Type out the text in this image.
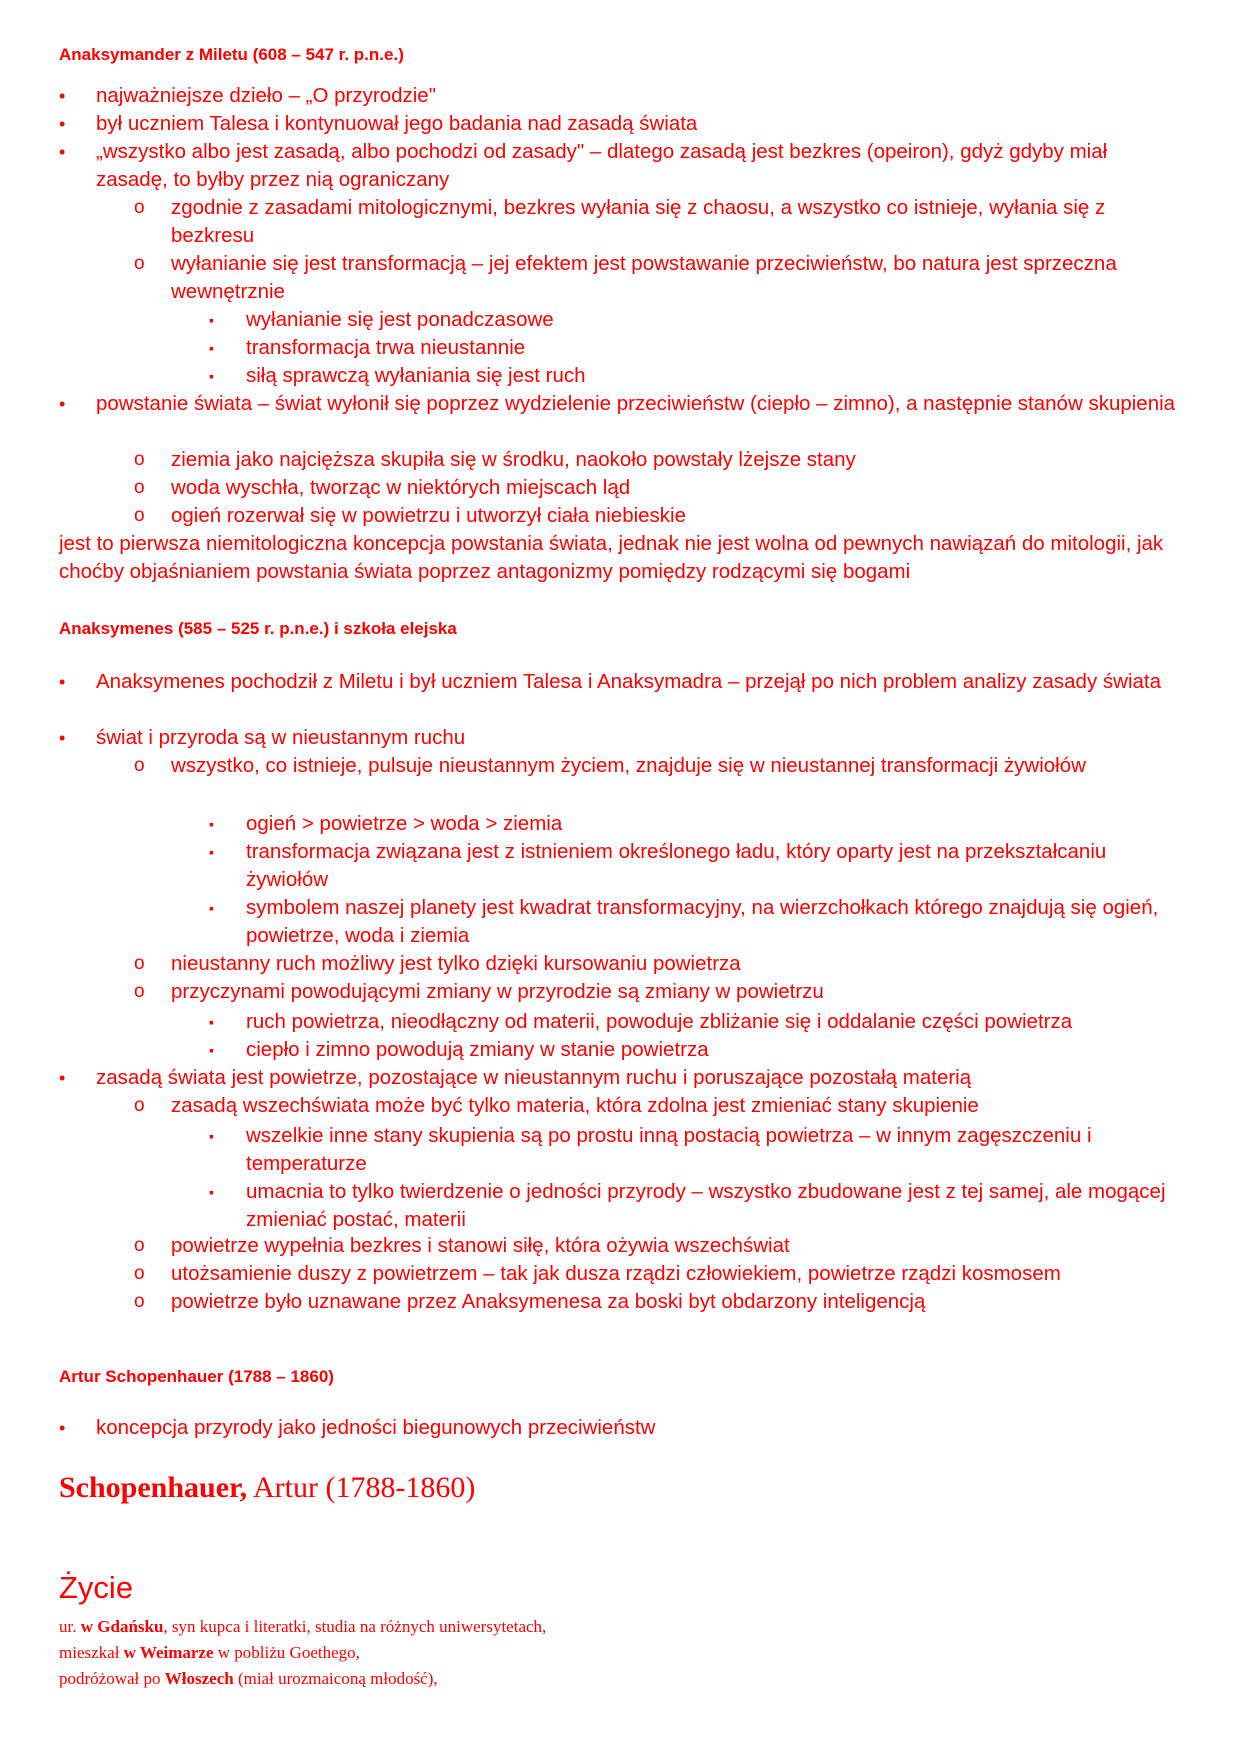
Anaksymander z Miletu (608 – 547 r. p.n.e.)
• najważniejsze dzieło – „O przyrodzie"
• był uczniem Talesa i kontynuował jego badania nad zasadą świata
• „wszystko albo jest zasadą, albo pochodzi od zasady" – dlatego zasadą jest bezkres (opeiron), gdyż gdyby miał zasadę, to byłby przez nią ograniczany
o zgodnie z zasadami mitologicznymi, bezkres wyłania się z chaosu, a wszystko co istnieje, wyłania się z bezkresu
o wyłanianie się jest transformacją – jej efektem jest powstawanie przeciwieństw, bo natura jest sprzeczna wewnętrznie
▪ wyłanianie się jest ponadczasowe
▪ transformacja trwa nieustannie
▪ siłą sprawczą wyłaniania się jest ruch
• powstanie świata – świat wyłonił się poprzez wydzielenie przeciwieństw (ciepło – zimno), a następnie stanów skupienia
o ziemia jako najcięższa skupiła się w środku, naokoło powstały lżejsze stany
o woda wyschła, tworząc w niektórych miejscach ląd
o ogień rozerwał się w powietrzu i utworzył ciała niebieskie
jest to pierwsza niemitologiczna koncepcja powstania świata, jednak nie jest wolna od pewnych nawiązań do mitologii, jak choćby objaśnianiem powstania świata poprzez antagonizmy pomiędzy rodzącymi się bogami
Anaksymenes (585 – 525 r. p.n.e.) i szkoła elejska
• Anaksymenes pochodził z Miletu i był uczniem Talesa i Anaksymadra – przejął po nich problem analizy zasady świata
• świat i przyroda są w nieustannym ruchu
o wszystko, co istnieje, pulsuje nieustannym życiem, znajduje się w nieustannej transformacji żywiołów
▪ ogień > powietrze > woda > ziemia
▪ transformacja związana jest z istnieniem określonego ładu, który oparty jest na przekształcaniu żywiołów
▪ symbolem naszej planety jest kwadrat transformacyjny, na wierzchołkach którego znajdują się ogień, powietrze, woda i ziemia
o nieustanny ruch możliwy jest tylko dzięki kursowaniu powietrza
o przyczynami powodującymi zmiany w przyrodzie są zmiany w powietrzu
▪ ruch powietrza, nieodłączny od materii, powoduje zbliżanie się i oddalanie części powietrza
▪ ciepło i zimno powodują zmiany w stanie powietrza
• zasadą świata jest powietrze, pozostające w nieustannym ruchu i poruszające pozostałą materią
o zasadą wszechświata może być tylko materia, która zdolna jest zmieniać stany skupienie
▪ wszelkie inne stany skupienia są po prostu inną postacią powietrza – w innym zagęszczeniu i temperaturze
▪ umacnia to tylko twierdzenie o jedności przyrody – wszystko zbudowane jest z tej samej, ale mogącej zmieniać postać, materii
o powietrze wypełnia bezkres i stanowi siłę, która ożywia wszechświat
o utożsamienie duszy z powietrzem – tak jak dusza rządzi człowiekiem, powietrze rządzi kosmosem
o powietrze było uznawane przez Anaksymenesa za boski byt obdarzony inteligencją
Artur Schopenhauer (1788 – 1860)
• koncepcja przyrody jako jedności biegunowych przeciwieństw
Schopenhauer, Artur (1788-1860)
Życie
ur. w Gdańsku, syn kupca i literatki, studia na różnych uniwersytetach,
mieszkał w Weimarze w pobliżu Goethego,
podróżował po Włoszech (miał urozmaiconą młodość),
